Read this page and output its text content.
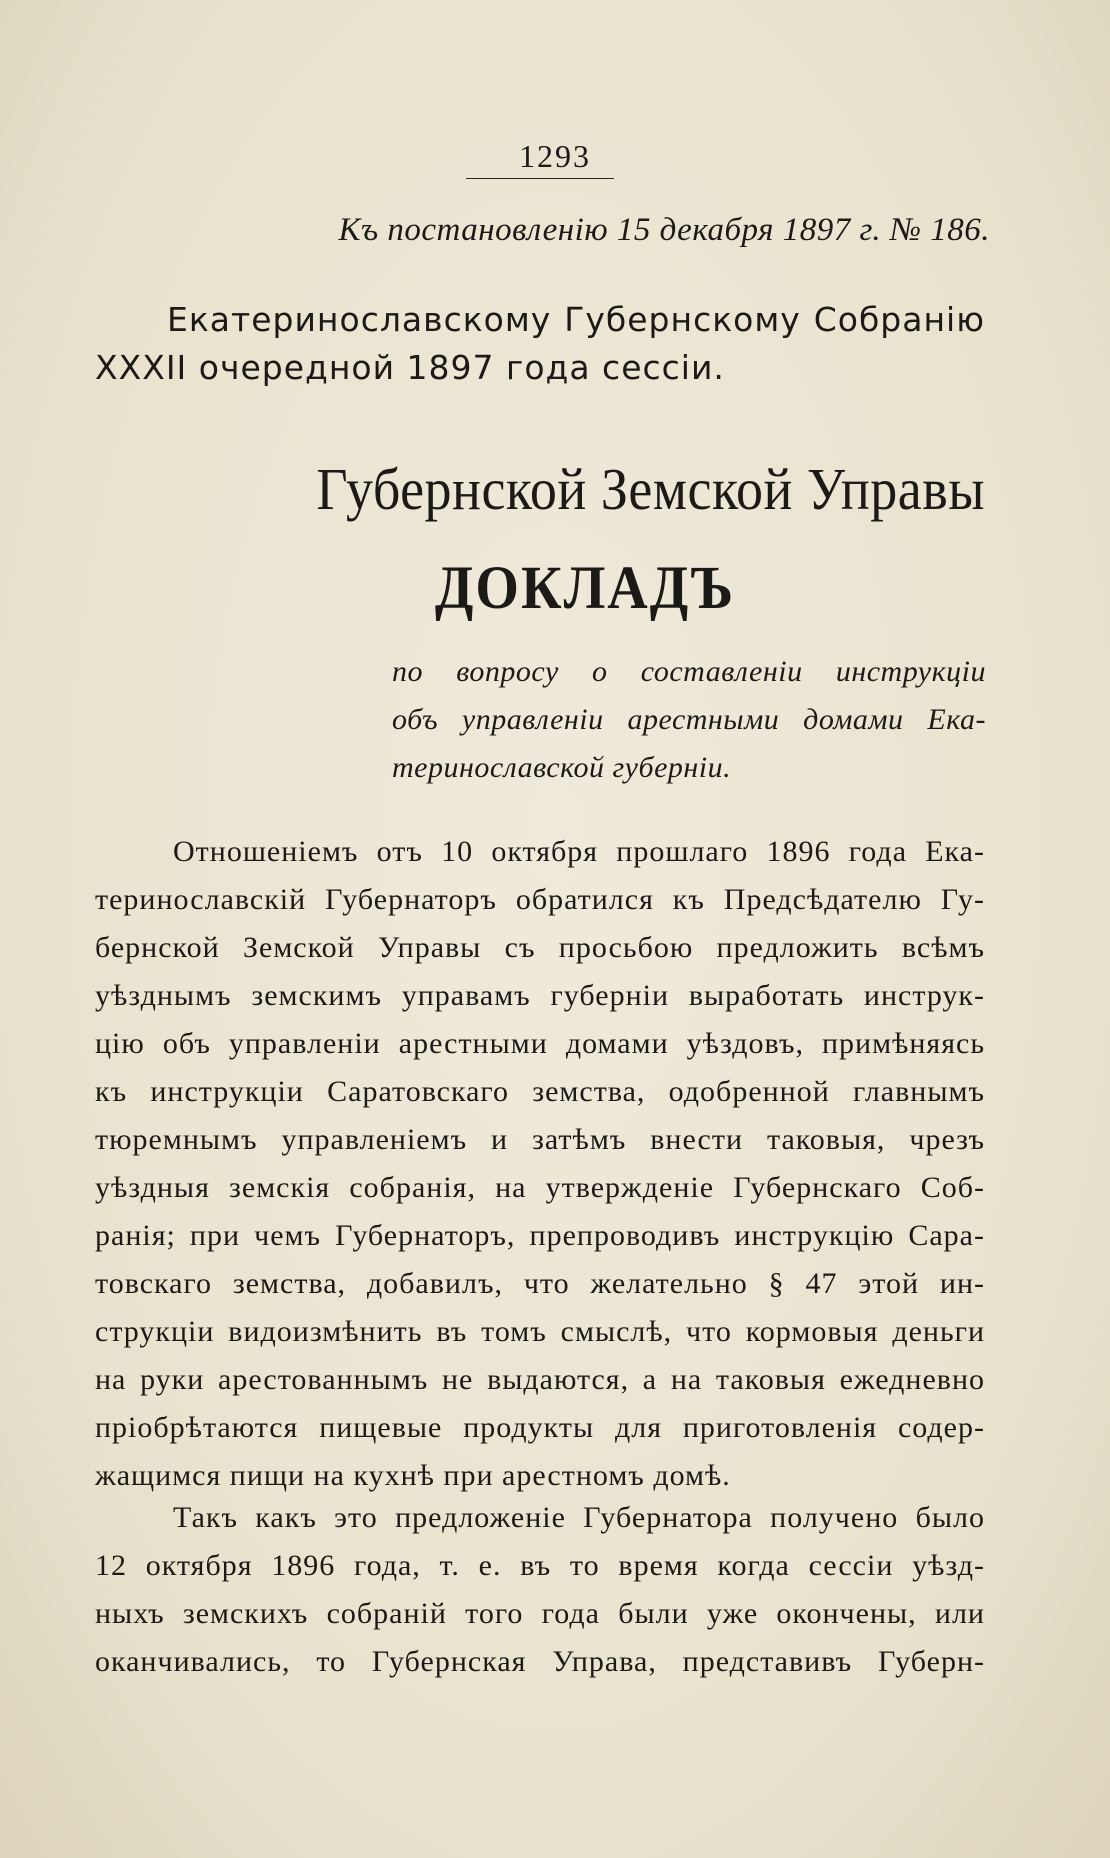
1293
Къ постановленію 15 декабря 1897 г. № 186.
Екатеринославскому Губернскому Собранію
XXXII очередной 1897 года сессіи.
Губернской Земской Управы
ДОКЛАДЪ
по вопросу о составленіи инструкціи
объ управленіи арестными домами Ека-
теринославской губерніи.
Отношеніемъ отъ 10 октября прошлаго 1896 года Ека-
теринославскій Губернаторъ обратился къ Предсѣдателю Гу-
бернской Земской Управы съ просьбою предложить всѣмъ
уѣзднымъ земскимъ управамъ губерніи выработать инструк-
цію объ управленіи арестными домами уѣздовъ, примѣняясь
къ инструкціи Саратовскаго земства, одобренной главнымъ
тюремнымъ управленіемъ и затѣмъ внести таковыя, чрезъ
уѣздныя земскія собранія, на утвержденіе Губернскаго Соб-
ранія; при чемъ Губернаторъ, препроводивъ инструкцію Сара-
товскаго земства, добавилъ, что желательно § 47 этой ин-
струкціи видоизмѣнить въ томъ смыслѣ, что кормовыя деньги
на руки арестованнымъ не выдаются, а на таковыя ежедневно
пріобрѣтаются пищевые продукты для приготовленія содер-
жащимся пищи на кухнѣ при арестномъ домѣ.
Такъ какъ это предложеніе Губернатора получено было
12 октября 1896 года, т. е. въ то время когда сессіи уѣзд-
ныхъ земскихъ собраній того года были уже окончены, или
оканчивались, то Губернская Управа, представивъ Губерн-
